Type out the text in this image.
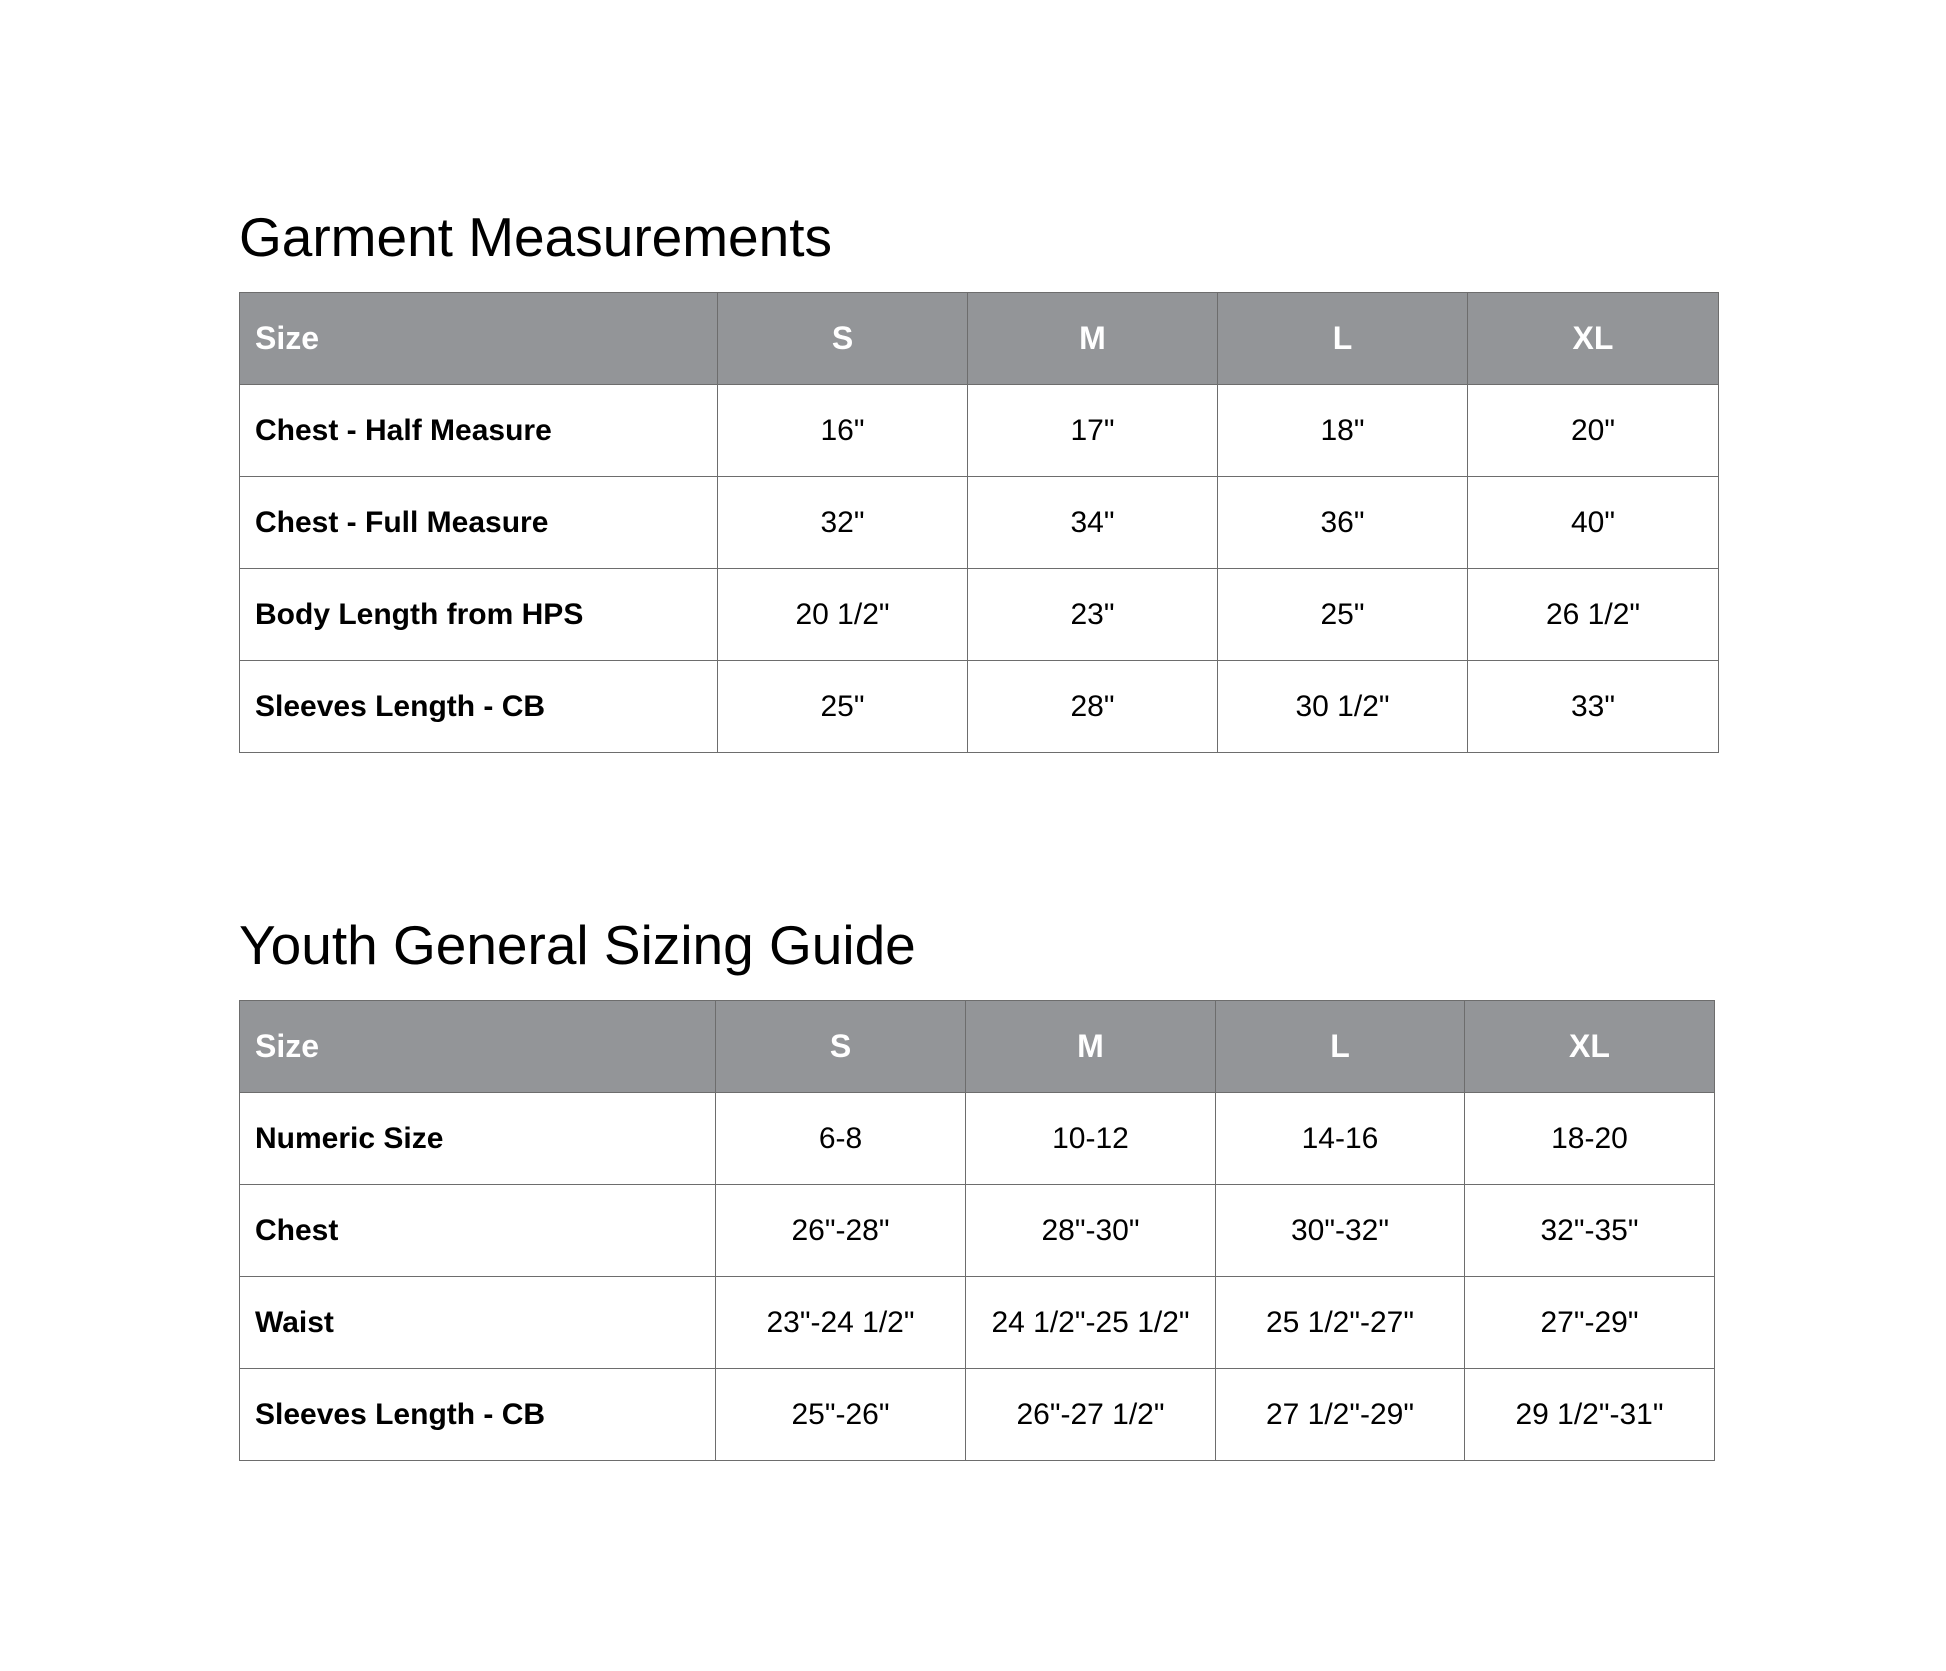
Garment Measurements
Size	S	M	L	XL
Chest - Half Measure	16"	17"	18"	20"
Chest - Full Measure	32"	34"	36"	40"
Body Length from HPS	20 1/2"	23"	25"	26 1/2"
Sleeves Length - CB	25"	28"	30 1/2"	33"
Youth General Sizing Guide
Size	S	M	L	XL
Numeric Size	6-8	10-12	14-16	18-20
Chest	26"-28"	28"-30"	30"-32"	32"-35"
Waist	23"-24 1/2"	24 1/2"-25 1/2"	25 1/2"-27"	27"-29"
Sleeves Length - CB	25"-26"	26"-27 1/2"	27 1/2"-29"	29 1/2"-31"
